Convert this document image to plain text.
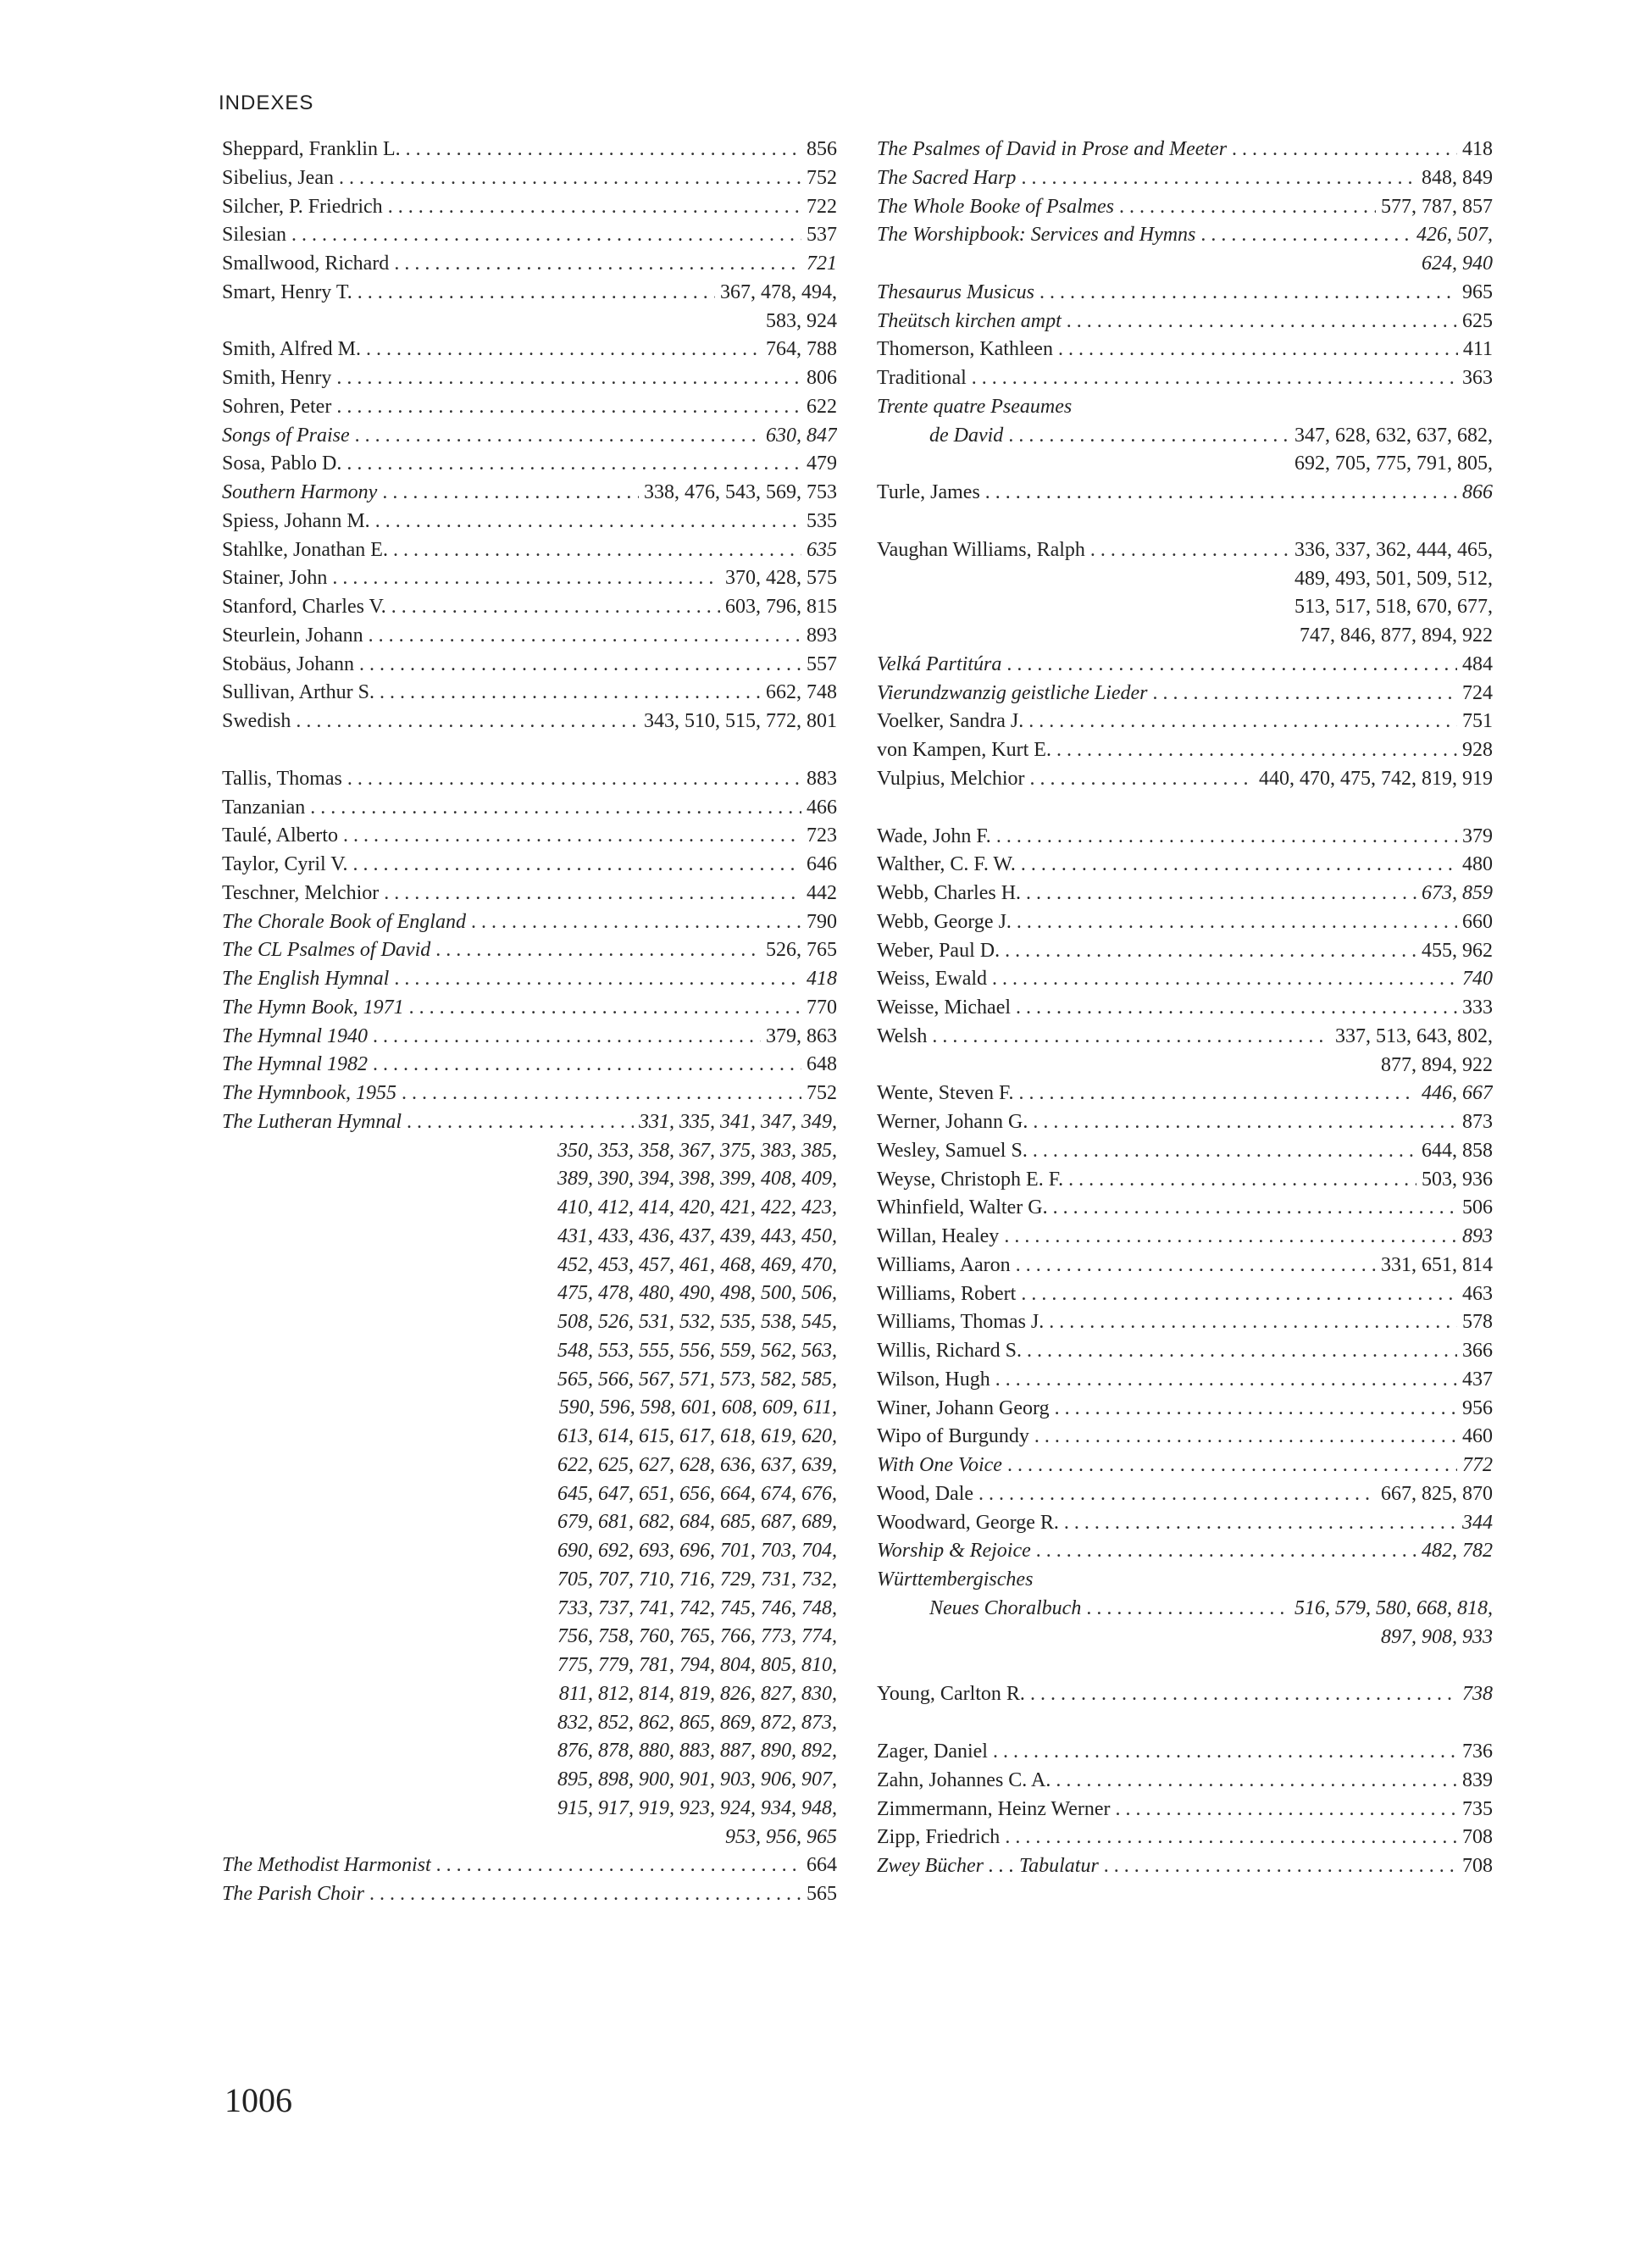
INDEXES
Sheppard, Franklin L. . . .	856
Sibelius, Jean . . .	752
Silcher, P. Friedrich . . .	722
Silesian . . .	537
Smallwood, Richard . . .	721
Smart, Henry T. . . .	367, 478, 494,
583, 924
Smith, Alfred M. . . .	764, 788
Smith, Henry . . .	806
Sohren, Peter . . .	622
Songs of Praise . . .	630, 847
Sosa, Pablo D. . . .	479
Southern Harmony . . .	338, 476, 543, 569, 753
Spiess, Johann M. . . .	535
Stahlke, Jonathan E. . . .	635
Stainer, John . . .	370, 428, 575
Stanford, Charles V. . . .	603, 796, 815
Steurlein, Johann . . .	893
Stobäus, Johann . . .	557
Sullivan, Arthur S. . . .	662, 748
Swedish . . .	343, 510, 515, 772, 801
Tallis, Thomas . . .	883
Tanzanian . . .	466
Taulé, Alberto . . .	723
Taylor, Cyril V. . . .	646
Teschner, Melchior . . .	442
The Chorale Book of England . . .	790
The CL Psalmes of David . . .	526, 765
The English Hymnal . . .	418
The Hymn Book, 1971 . . .	770
The Hymnal 1940 . . .	379, 863
The Hymnal 1982 . . .	648
The Hymnbook, 1955 . . .	752
The Lutheran Hymnal . . .	331, 335, 341, 347, 349,
350, 353, 358, 367, 375, 383, 385,
389, 390, 394, 398, 399, 408, 409,
410, 412, 414, 420, 421, 422, 423,
431, 433, 436, 437, 439, 443, 450,
452, 453, 457, 461, 468, 469, 470,
475, 478, 480, 490, 498, 500, 506,
508, 526, 531, 532, 535, 538, 545,
548, 553, 555, 556, 559, 562, 563,
565, 566, 567, 571, 573, 582, 585,
590, 596, 598, 601, 608, 609, 611,
613, 614, 615, 617, 618, 619, 620,
622, 625, 627, 628, 636, 637, 639,
645, 647, 651, 656, 664, 674, 676,
679, 681, 682, 684, 685, 687, 689,
690, 692, 693, 696, 701, 703, 704,
705, 707, 710, 716, 729, 731, 732,
733, 737, 741, 742, 745, 746, 748,
756, 758, 760, 765, 766, 773, 774,
775, 779, 781, 794, 804, 805, 810,
811, 812, 814, 819, 826, 827, 830,
832, 852, 862, 865, 869, 872, 873,
876, 878, 880, 883, 887, 890, 892,
895, 898, 900, 901, 903, 906, 907,
915, 917, 919, 923, 924, 934, 948,
953, 956, 965
The Methodist Harmonist . . .	664
The Parish Choir . . .	565
The Psalmes of David in Prose and Meeter . . .	418
The Sacred Harp . . .	848, 849
The Whole Booke of Psalmes . . .	577, 787, 857
The Worshipbook: Services and Hymns . . .	426, 507,
624, 940
Thesaurus Musicus . . .	965
Theütsch kirchen ampt . . .	625
Thomerson, Kathleen . . .	411
Traditional . . .	363
Trente quatre Pseaumes
de David . . .	347, 628, 632, 637, 682,
692, 705, 775, 791, 805,
Turle, James . . .	866
Vaughan Williams, Ralph . . .	336, 337, 362, 444, 465,
489, 493, 501, 509, 512,
513, 517, 518, 670, 677,
747, 846, 877, 894, 922
Velká Partitúra . . .	484
Vierundzwanzig geistliche Lieder . . .	724
Voelker, Sandra J. . . .	751
von Kampen, Kurt E. . . .	928
Vulpius, Melchior . . .	440, 470, 475, 742, 819, 919
Wade, John F. . . .	379
Walther, C. F. W. . . .	480
Webb, Charles H. . . .	673, 859
Webb, George J. . . .	660
Weber, Paul D. . . .	455, 962
Weiss, Ewald . . .	740
Weisse, Michael . . .	333
Welsh . . .	337, 513, 643, 802,
877, 894, 922
Wente, Steven F. . . .	446, 667
Werner, Johann G. . . .	873
Wesley, Samuel S. . . .	644, 858
Weyse, Christoph E. F. . . .	503, 936
Whinfield, Walter G. . . .	506
Willan, Healey . . .	893
Williams, Aaron . . .	331, 651, 814
Williams, Robert . . .	463
Williams, Thomas J. . . .	578
Willis, Richard S. . . .	366
Wilson, Hugh . . .	437
Winer, Johann Georg . . .	956
Wipo of Burgundy . . .	460
With One Voice . . .	772
Wood, Dale . . .	667, 825, 870
Woodward, George R. . . .	344
Worship & Rejoice . . .	482, 782
Württembergisches
Neues Choralbuch . . .	516, 579, 580, 668, 818,
897, 908, 933
Young, Carlton R. . . .	738
Zager, Daniel . . .	736
Zahn, Johannes C. A. . . .	839
Zimmermann, Heinz Werner . . .	735
Zipp, Friedrich . . .	708
Zwey Bücher . . . Tabulatur . . .	708
1006
